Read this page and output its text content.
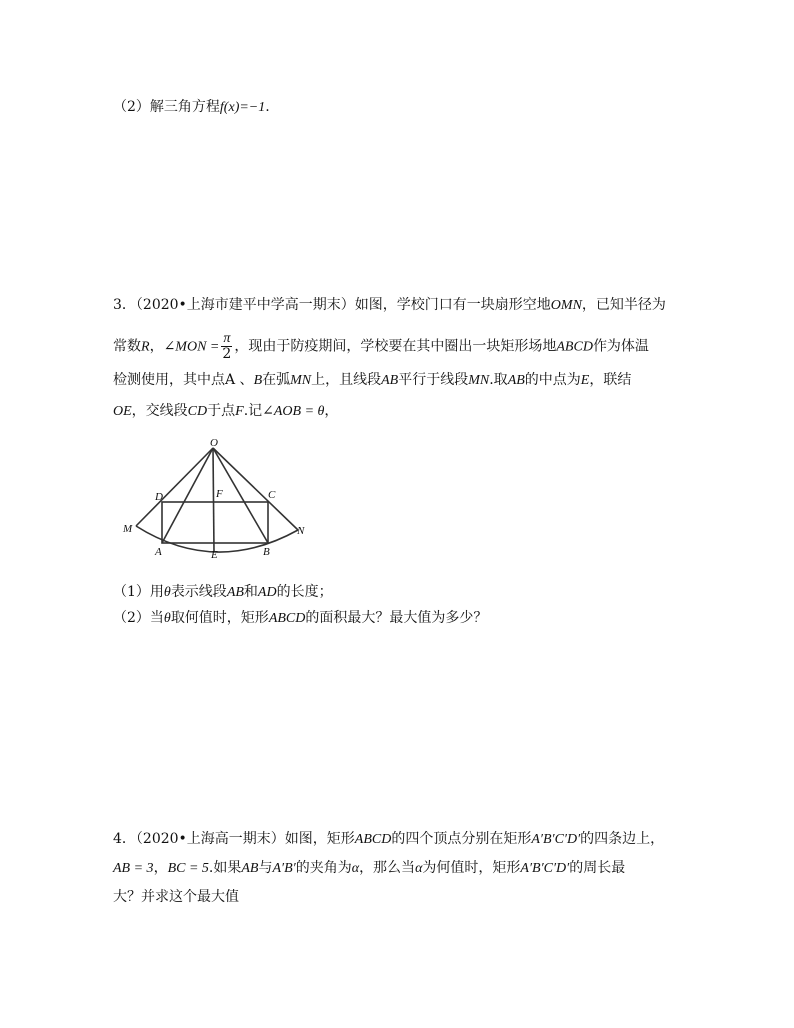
（2）解三角方程f(x)=−1.
3．（2020•上海市建平中学高一期末）如图，学校门口有一块扇形空地OMN，已知半径为
常数R，∠MON = $\frac{\pi}{2}$ ，现由于防疫期间，学校要在其中圈出一块矩形场地ABCD作为体温
检测使用，其中点A 、B在弧MN上，且线段AB平行于线段MN.取AB的中点为E，联结
OE，交线段CD于点F.记∠AOB = θ，
O
D	F	C
M	N
A	E	B
（1）用θ表示线段AB和AD的长度；
（2）当θ取何值时，矩形ABCD的面积最大？最大值为多少？
4．（2020•上海高一期末）如图，矩形ABCD的四个顶点分别在矩形A′B′C′D′的四条边上，
AB = 3，BC = 5.如果AB与A′B′的夹角为α，那么当α为何值时，矩形A′B′C′D′的周长最
大？并求这个最大值
